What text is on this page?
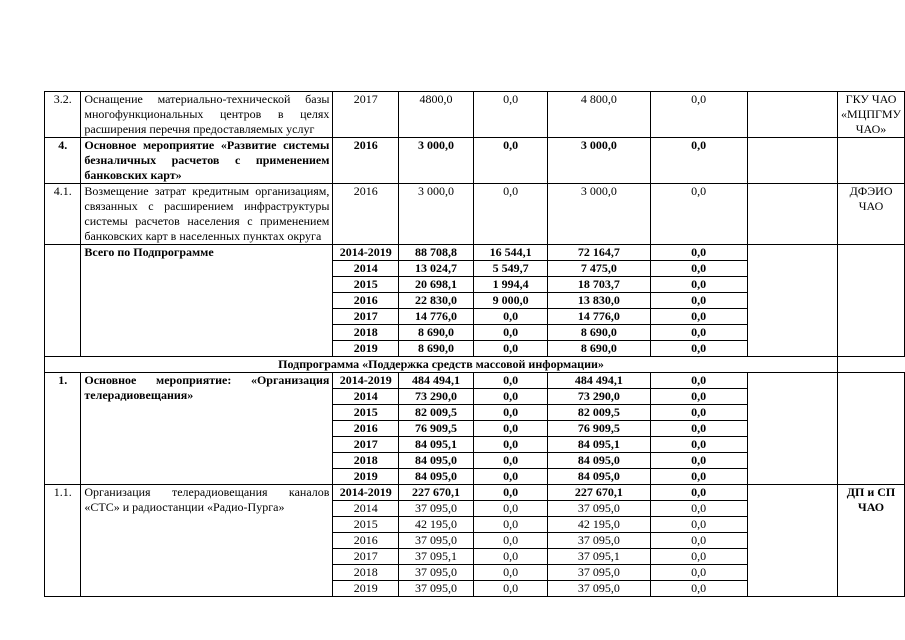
3.2.	Оснащение материально-технической базы многофункциональных центров в целях расширения перечня предоставляемых услуг	2017	4800,0	0,0	4 800,0	0,0		ГКУ ЧАО «МЦПГМУ ЧАО»
4.	Основное мероприятие «Развитие системы безналичных расчетов с применением банковских карт»	2016	3 000,0	0,0	3 000,0	0,0		
4.1.	Возмещение затрат кредитным организациям, связанных с расширением инфраструктуры системы расчетов населения с применением банковских карт в населенных пунктах округа	2016	3 000,0	0,0	3 000,0	0,0		ДФЭИО ЧАО
	Всего по Подпрограмме	2014-2019	88 708,8	16 544,1	72 164,7	0,0		
		2014	13 024,7	5 549,7	7 475,0	0,0		
		2015	20 698,1	1 994,4	18 703,7	0,0		
		2016	22 830,0	9 000,0	13 830,0	0,0		
		2017	14 776,0	0,0	14 776,0	0,0		
		2018	8 690,0	0,0	8 690,0	0,0		
		2019	8 690,0	0,0	8 690,0	0,0		
Подпрограмма «Поддержка средств массовой информации»								
1.	Основное мероприятие: «Организация телерадиовещания»	2014-2019	484 494,1	0,0	484 494,1	0,0		
		2014	73 290,0	0,0	73 290,0	0,0		
		2015	82 009,5	0,0	82 009,5	0,0		
		2016	76 909,5	0,0	76 909,5	0,0		
		2017	84 095,1	0,0	84 095,1	0,0		
		2018	84 095,0	0,0	84 095,0	0,0		
		2019	84 095,0	0,0	84 095,0	0,0		
1.1.	Организация телерадиовещания каналов «СТС» и радиостанции «Радио-Пурга»	2014-2019	227 670,1	0,0	227 670,1	0,0		ДП и СП ЧАО
		2014	37 095,0	0,0	37 095,0	0,0		
		2015	42 195,0	0,0	42 195,0	0,0		
		2016	37 095,0	0,0	37 095,0	0,0		
		2017	37 095,1	0,0	37 095,1	0,0		
		2018	37 095,0	0,0	37 095,0	0,0		
		2019	37 095,0	0,0	37 095,0	0,0		
